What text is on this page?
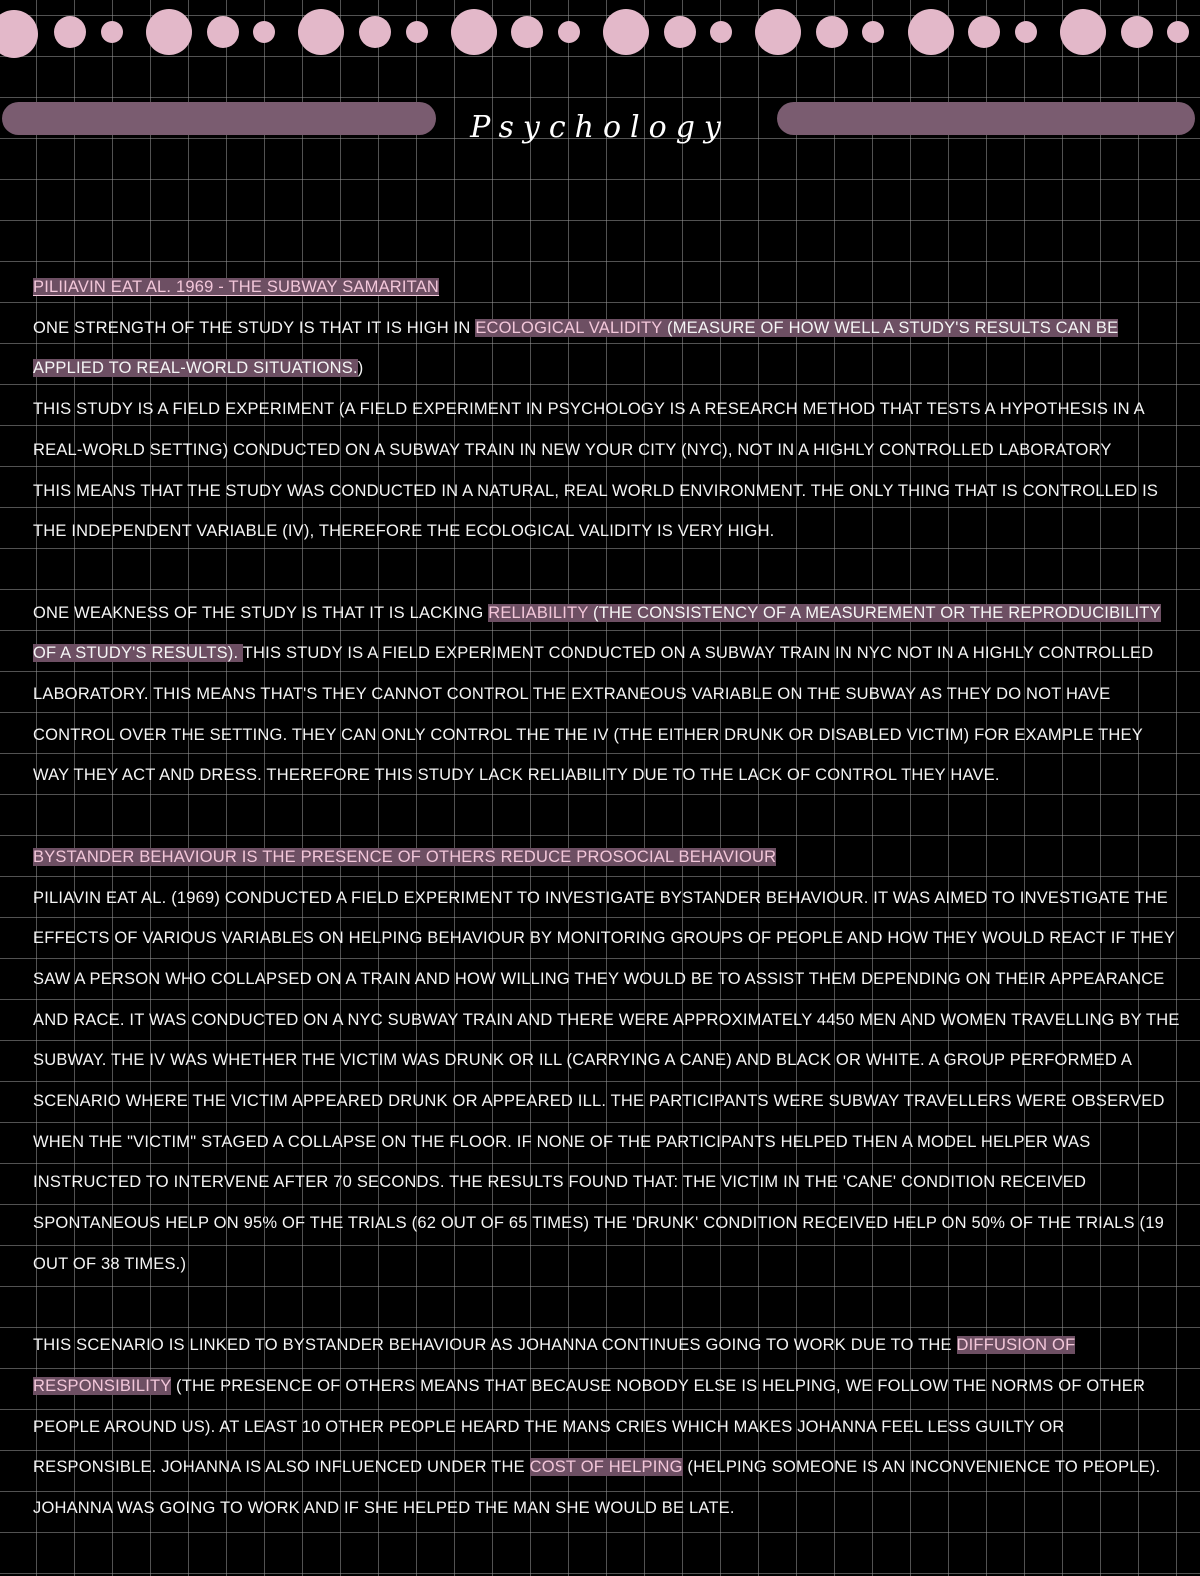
Psychology

PILIIAVIN EAT AL. 1969 - THE SUBWAY SAMARITAN

ONE STRENGTH OF THE STUDY IS THAT IT IS HIGH IN ECOLOGICAL VALIDITY (MEASURE OF HOW WELL A STUDY'S RESULTS CAN BE APPLIED TO REAL-WORLD SITUATIONS.)

THIS STUDY IS A FIELD EXPERIMENT (A FIELD EXPERIMENT IN PSYCHOLOGY IS A RESEARCH METHOD THAT TESTS A HYPOTHESIS IN A REAL-WORLD SETTING) CONDUCTED ON A SUBWAY TRAIN IN NEW YOUR CITY (NYC), NOT IN A HIGHLY CONTROLLED LABORATORY

THIS MEANS THAT THE STUDY WAS CONDUCTED IN A NATURAL, REAL WORLD ENVIRONMENT. THE ONLY THING THAT IS CONTROLLED IS THE INDEPENDENT VARIABLE (IV), THEREFORE THE ECOLOGICAL VALIDITY IS VERY HIGH.

ONE WEAKNESS OF THE STUDY IS THAT IT IS LACKING RELIABILITY (THE CONSISTENCY OF A MEASUREMENT OR THE REPRODUCIBILITY OF A STUDY'S RESULTS). THIS STUDY IS A FIELD EXPERIMENT CONDUCTED ON A SUBWAY TRAIN IN NYC NOT IN A HIGHLY CONTROLLED LABORATORY. THIS MEANS THAT'S THEY CANNOT CONTROL THE EXTRANEOUS VARIABLE ON THE SUBWAY AS THEY DO NOT HAVE CONTROL OVER THE SETTING. THEY CAN ONLY CONTROL THE THE IV (THE EITHER DRUNK OR DISABLED VICTIM) FOR EXAMPLE THEY WAY THEY ACT AND DRESS. THEREFORE THIS STUDY LACK RELIABILITY DUE TO THE LACK OF CONTROL THEY HAVE.

BYSTANDER BEHAVIOUR IS THE PRESENCE OF OTHERS REDUCE PROSOCIAL BEHAVIOUR

PILIAVIN EAT AL. (1969) CONDUCTED A FIELD EXPERIMENT TO INVESTIGATE BYSTANDER BEHAVIOUR. IT WAS AIMED TO INVESTIGATE THE EFFECTS OF VARIOUS VARIABLES ON HELPING BEHAVIOUR BY MONITORING GROUPS OF PEOPLE AND HOW THEY WOULD REACT IF THEY SAW A PERSON WHO COLLAPSED ON A TRAIN AND HOW WILLING THEY WOULD BE TO ASSIST THEM DEPENDING ON THEIR APPEARANCE AND RACE. IT WAS CONDUCTED ON A NYC SUBWAY TRAIN AND THERE WERE APPROXIMATELY 4450 MEN AND WOMEN TRAVELLING BY THE SUBWAY. THE IV WAS WHETHER THE VICTIM WAS DRUNK OR ILL (CARRYING A CANE) AND BLACK OR WHITE. A GROUP PERFORMED A SCENARIO WHERE THE VICTIM APPEARED DRUNK OR APPEARED ILL. THE PARTICIPANTS WERE SUBWAY TRAVELLERS WERE OBSERVED WHEN THE "VICTIM" STAGED A COLLAPSE ON THE FLOOR. IF NONE OF THE PARTICIPANTS HELPED THEN A MODEL HELPER WAS INSTRUCTED TO INTERVENE AFTER 70 SECONDS. THE RESULTS FOUND THAT: THE VICTIM IN THE 'CANE' CONDITION RECEIVED SPONTANEOUS HELP ON 95% OF THE TRIALS (62 OUT OF 65 TIMES) THE 'DRUNK' CONDITION RECEIVED HELP ON 50% OF THE TRIALS (19 OUT OF 38 TIMES.)

THIS SCENARIO IS LINKED TO BYSTANDER BEHAVIOUR AS JOHANNA CONTINUES GOING TO WORK DUE TO THE DIFFUSION OF RESPONSIBILITY (THE PRESENCE OF OTHERS MEANS THAT BECAUSE NOBODY ELSE IS HELPING, WE FOLLOW THE NORMS OF OTHER PEOPLE AROUND US). AT LEAST 10 OTHER PEOPLE HEARD THE MANS CRIES WHICH MAKES JOHANNA FEEL LESS GUILTY OR RESPONSIBLE. JOHANNA IS ALSO INFLUENCED UNDER THE COST OF HELPING (HELPING SOMEONE IS AN INCONVENIENCE TO PEOPLE). JOHANNA WAS GOING TO WORK AND IF SHE HELPED THE MAN SHE WOULD BE LATE.
